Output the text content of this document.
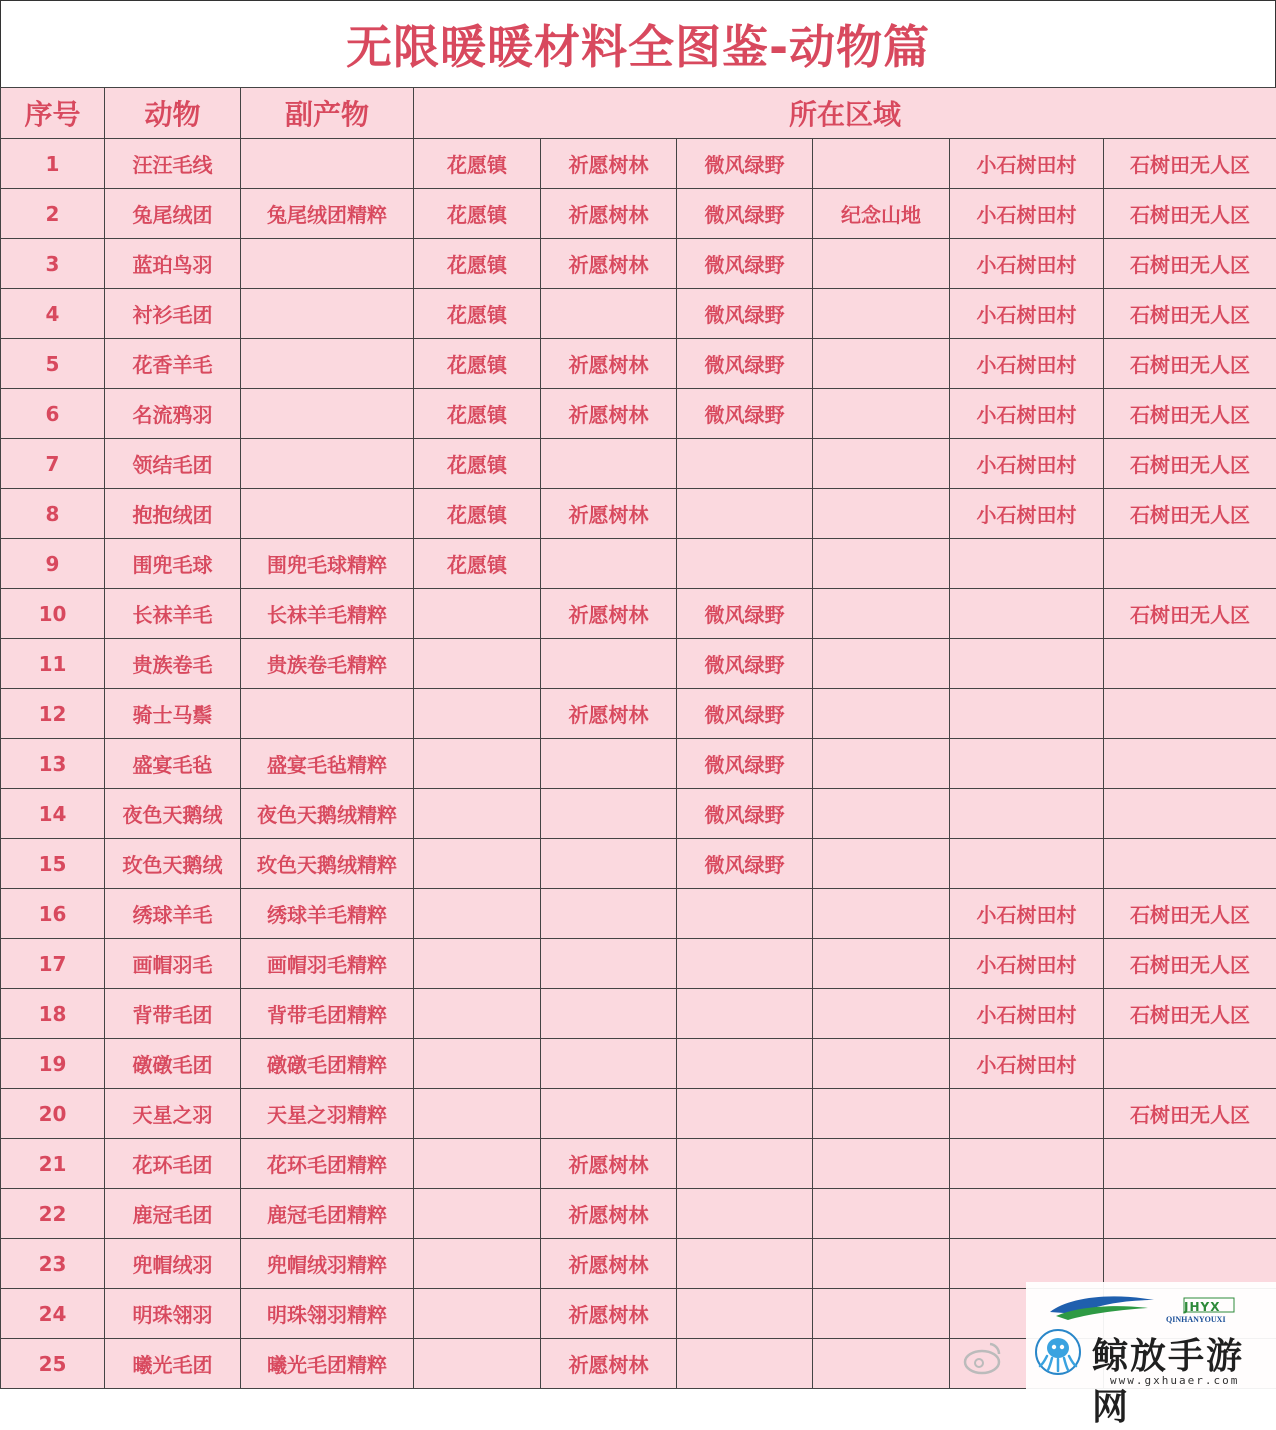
无限暖暖材料全图鉴-动物篇
序号	动物	副产物	所在区域					
1	汪汪毛线		花愿镇	祈愿树林	微风绿野		小石树田村	石树田无人区
2	兔尾绒团	兔尾绒团精粹	花愿镇	祈愿树林	微风绿野	纪念山地	小石树田村	石树田无人区
3	蓝珀鸟羽		花愿镇	祈愿树林	微风绿野		小石树田村	石树田无人区
4	衬衫毛团		花愿镇		微风绿野		小石树田村	石树田无人区
5	花香羊毛		花愿镇	祈愿树林	微风绿野		小石树田村	石树田无人区
6	名流鸦羽		花愿镇	祈愿树林	微风绿野		小石树田村	石树田无人区
7	领结毛团		花愿镇				小石树田村	石树田无人区
8	抱抱绒团		花愿镇	祈愿树林			小石树田村	石树田无人区
9	围兜毛球	围兜毛球精粹	花愿镇					
10	长袜羊毛	长袜羊毛精粹		祈愿树林	微风绿野			石树田无人区
11	贵族卷毛	贵族卷毛精粹			微风绿野			
12	骑士马鬃			祈愿树林	微风绿野			
13	盛宴毛毡	盛宴毛毡精粹			微风绿野			
14	夜色天鹅绒	夜色天鹅绒精粹			微风绿野			
15	玫色天鹅绒	玫色天鹅绒精粹			微风绿野			
16	绣球羊毛	绣球羊毛精粹					小石树田村	石树田无人区
17	画帽羽毛	画帽羽毛精粹					小石树田村	石树田无人区
18	背带毛团	背带毛团精粹					小石树田村	石树田无人区
19	礅礅毛团	礅礅毛团精粹					小石树田村	
20	天星之羽	天星之羽精粹						石树田无人区
21	花环毛团	花环毛团精粹		祈愿树林				
22	鹿冠毛团	鹿冠毛团精粹		祈愿树林				
23	兜帽绒羽	兜帽绒羽精粹		祈愿树林				
24	明珠翎羽	明珠翎羽精粹		祈愿树林				
25	曦光毛团	曦光毛团精粹		祈愿树林				
JHYX
QINHANYOUXI
鲸放手游网
www.gxhuaer.com
